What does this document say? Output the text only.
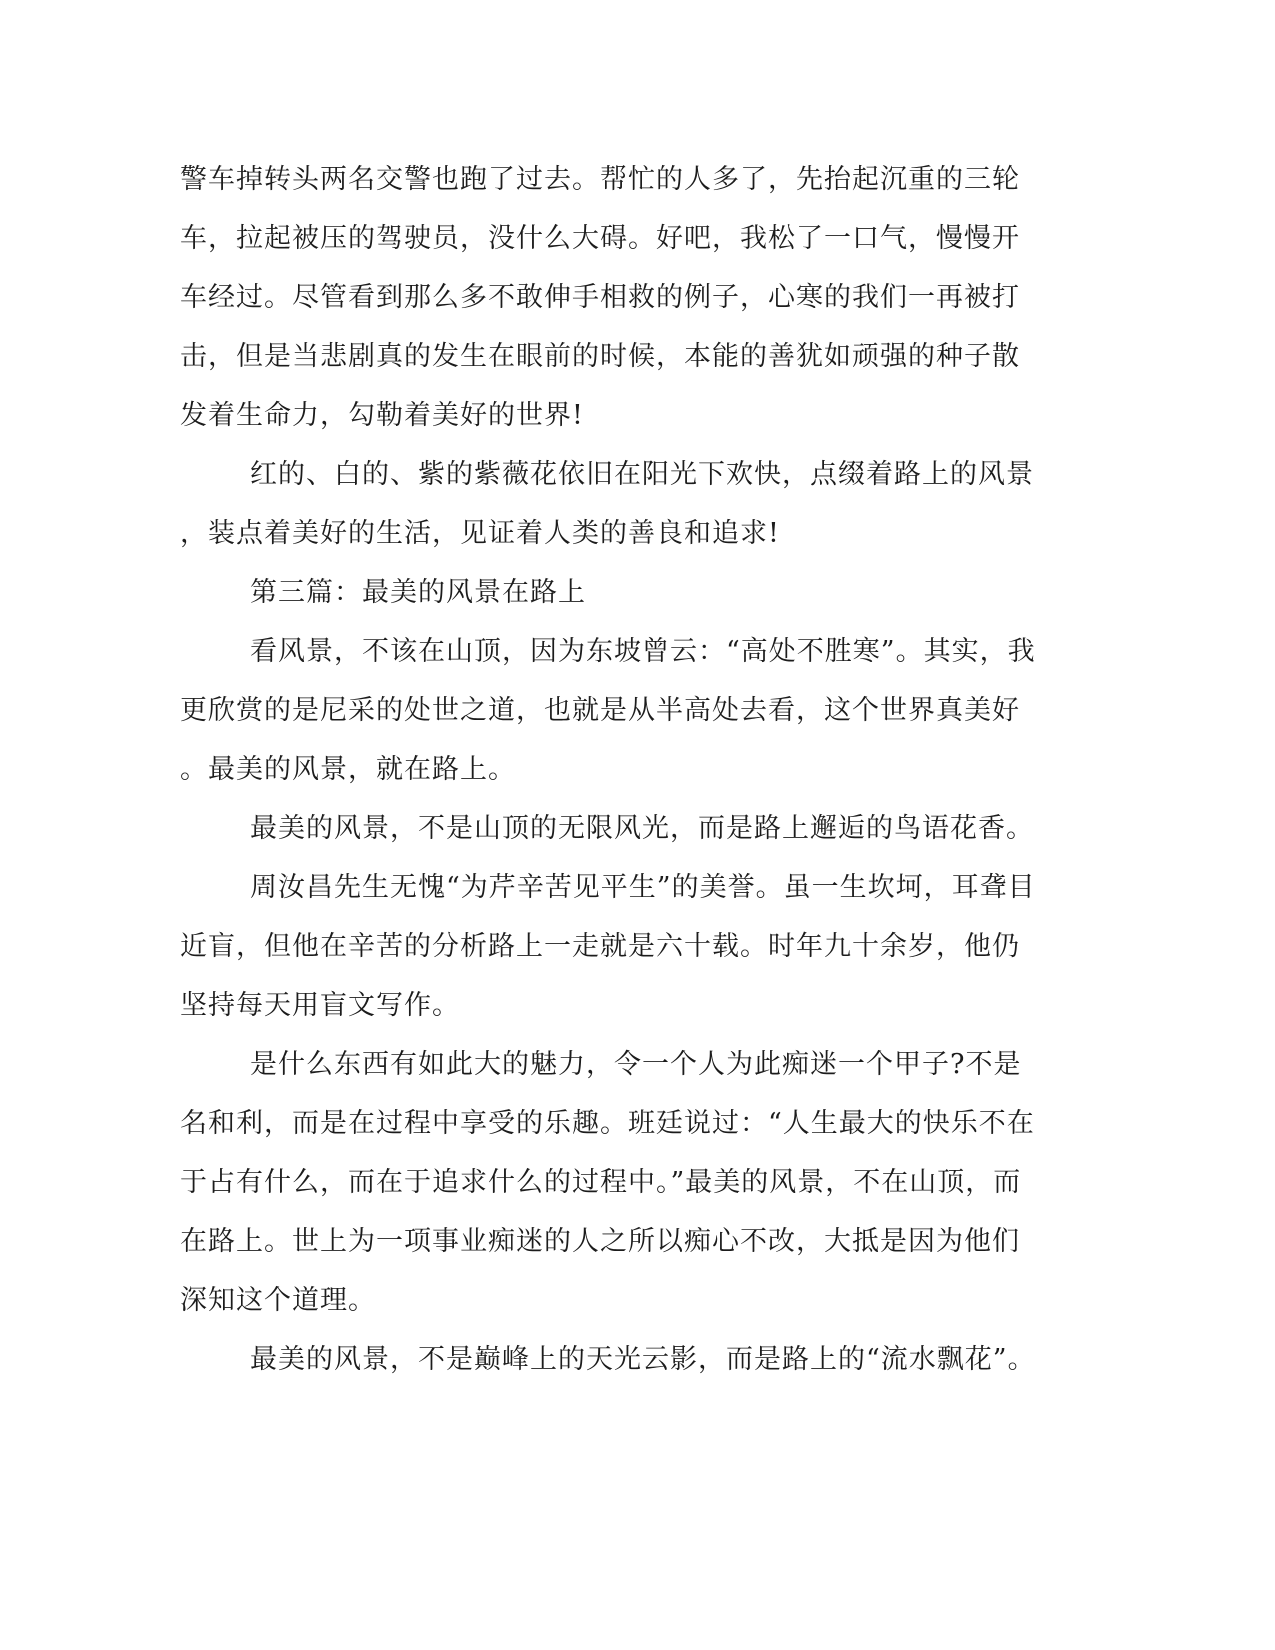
警车掉转头两名交警也跑了过去。帮忙的人多了，先抬起沉重的三轮
车，拉起被压的驾驶员，没什么大碍。好吧，我松了一口气，慢慢开
车经过。尽管看到那么多不敢伸手相救的例子，心寒的我们一再被打
击，但是当悲剧真的发生在眼前的时候，本能的善犹如顽强的种子散
发着生命力，勾勒着美好的世界!
红的、白的、紫的紫薇花依旧在阳光下欢快，点缀着路上的风景
，装点着美好的生活，见证着人类的善良和追求!
第三篇：最美的风景在路上
看风景，不该在山顶，因为东坡曾云：“高处不胜寒”。其实，我
更欣赏的是尼采的处世之道，也就是从半高处去看，这个世界真美好
。最美的风景，就在路上。
最美的风景，不是山顶的无限风光，而是路上邂逅的鸟语花香。
周汝昌先生无愧“为芹辛苦见平生”的美誉。虽一生坎坷，耳聋目
近盲，但他在辛苦的分析路上一走就是六十载。时年九十余岁，他仍
坚持每天用盲文写作。
是什么东西有如此大的魅力，令一个人为此痴迷一个甲子?不是
名和利，而是在过程中享受的乐趣。班廷说过：“人生最大的快乐不在
于占有什么，而在于追求什么的过程中。”最美的风景，不在山顶，而
在路上。世上为一项事业痴迷的人之所以痴心不改，大抵是因为他们
深知这个道理。
最美的风景，不是巅峰上的天光云影，而是路上的“流水飘花”。
